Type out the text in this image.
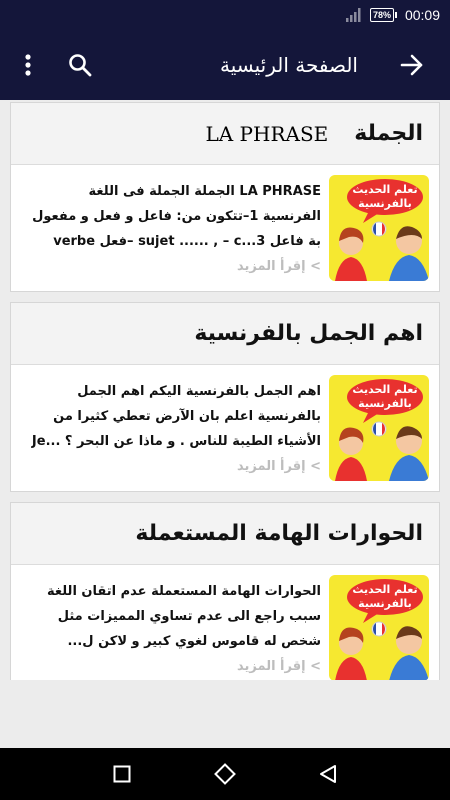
78% 00:09
الصفحة الرئيسية
LA PHRASE الجملة
تعلم الحديث
بالفرنسية
LA PHRASE الجملة الجملة فى اللغة الفرنسية 1–تتكون من: فاعل و فعل و مفعول بة فاعل sujet ...... , – c...3 –فعل verbe
> إقرأ المزيد
اهم الجمل بالفرنسية
تعلم الحديث
بالفرنسية
اهم الجمل بالفرنسية اليكم اهم الجمل بالفرنسية اعلم بان الآرض تعطي كثيرا من الأشياء الطيبة للناس . و ماذا عن البحر ؟ ...Je
> إقرأ المزيد
الحوارات الهامة المستعملة
تعلم الحديث
بالفرنسية
الحوارات الهامة المستعملة عدم اتقان اللغة سبب راجع الى عدم تساوي المميزات مثل شخص له قاموس لغوي كبير و لاكن ل...
> إقرأ المزيد
